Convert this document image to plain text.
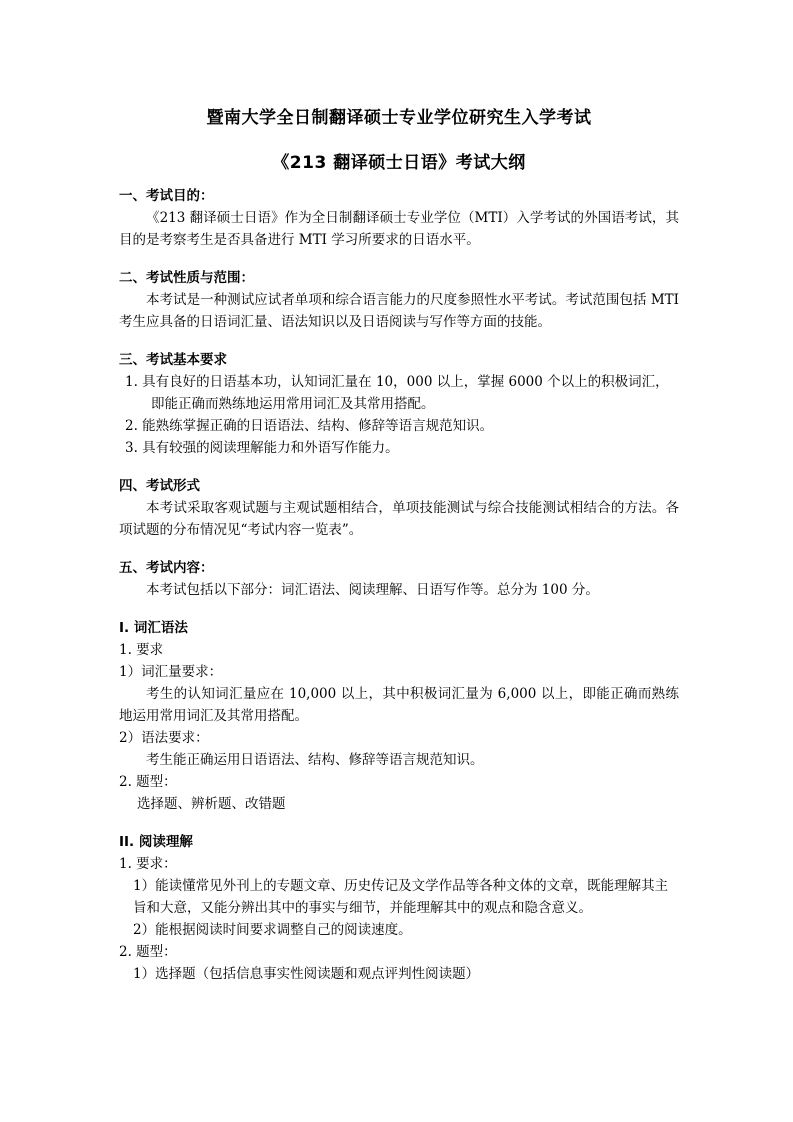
暨南大学全日制翻译硕士专业学位研究生入学考试

《213 翻译硕士日语》考试大纲

一、考试目的：

《213 翻译硕士日语》作为全日制翻译硕士专业学位（MTI）入学考试的外国语考试，其目的是考察考生是否具备进行 MTI 学习所要求的日语水平。

二、考试性质与范围：

本考试是一种测试应试者单项和综合语言能力的尺度参照性水平考试。考试范围包括 MTI 考生应具备的日语词汇量、语法知识以及日语阅读与写作等方面的技能。

三、考试基本要求

1. 具有良好的日语基本功，认知词汇量在 10，000 以上，掌握 6000 个以上的积极词汇，即能正确而熟练地运用常用词汇及其常用搭配。

2. 能熟练掌握正确的日语语法、结构、修辞等语言规范知识。

3. 具有较强的阅读理解能力和外语写作能力。

四、考试形式

本考试采取客观试题与主观试题相结合，单项技能测试与综合技能测试相结合的方法。各项试题的分布情况见“考试内容一览表”。

五、考试内容：

本考试包括以下部分：词汇语法、阅读理解、日语写作等。总分为 100 分。

I. 词汇语法

1. 要求

1）词汇量要求：

考生的认知词汇量应在 10,000 以上，其中积极词汇量为 6,000 以上，即能正确而熟练地运用常用词汇及其常用搭配。

2）语法要求：

考生能正确运用日语语法、结构、修辞等语言规范知识。

2. 题型：

选择题、辨析题、改错题

II. 阅读理解

1. 要求：

1）能读懂常见外刊上的专题文章、历史传记及文学作品等各种文体的文章，既能理解其主旨和大意，又能分辨出其中的事实与细节，并能理解其中的观点和隐含意义。

2）能根据阅读时间要求调整自己的阅读速度。

2. 题型：

1）选择题（包括信息事实性阅读题和观点评判性阅读题）
